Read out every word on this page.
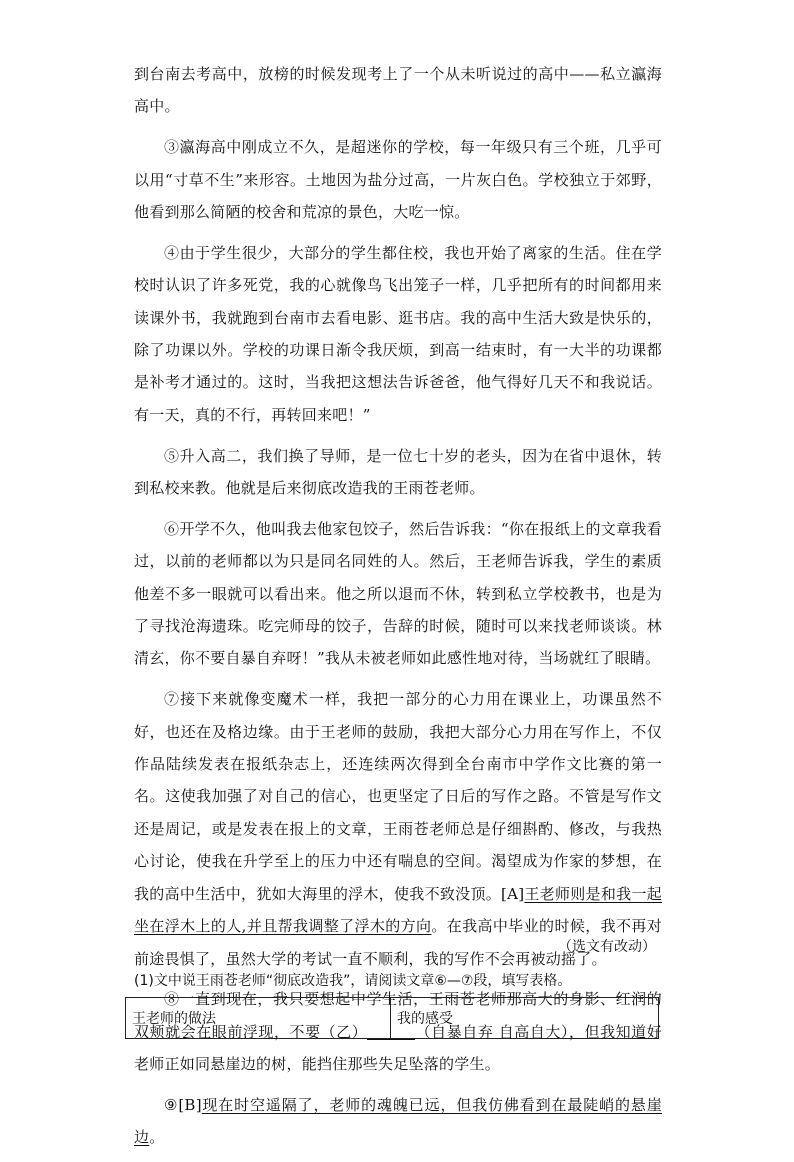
到台南去考高中，放榜的时候发现考上了一个从未听说过的高中——私立瀛海高中。

③瀛海高中刚成立不久，是超迷你的学校，每一年级只有三个班，几乎可以用“寸草不生”来形容。土地因为盐分过高，一片灰白色。学校独立于郊野，他看到那么简陋的校舍和荒凉的景色，大吃一惊。

④由于学生很少，大部分的学生都住校，我也开始了离家的生活。住在学校时认识了许多死党，我的心就像鸟飞出笼子一样，几乎把所有的时间都用来读课外书，我就跑到台南市去看电影、逛书店。我的高中生活大致是快乐的，除了功课以外。学校的功课日渐令我厌烦，到高一结束时，有一大半的功课都是补考才通过的。这时，当我把这想法告诉爸爸，他气得好几天不和我说话。有一天，真的不行，再转回来吧！”

⑤升入高二，我们换了导师，是一位七十岁的老头，因为在省中退休，转到私校来教。他就是后来彻底改造我的王雨苍老师。

⑥开学不久，他叫我去他家包饺子，然后告诉我：“你在报纸上的文章我看过，以前的老师都以为只是同名同姓的人。然后，王老师告诉我，学生的素质他差不多一眼就可以看出来。他之所以退而不休，转到私立学校教书，也是为了寻找沧海遗珠。吃完师母的饺子，告辞的时候，随时可以来找老师谈谈。林清玄，你不要自暴自弃呀！”我从未被老师如此感性地对待，当场就红了眼睛。

⑦接下来就像变魔术一样，我把一部分的心力用在课业上，功课虽然不好，也还在及格边缘。由于王老师的鼓励，我把大部分心力用在写作上，不仅作品陆续发表在报纸杂志上，还连续两次得到全台南市中学作文比赛的第一名。这使我加强了对自己的信心，也更坚定了日后的写作之路。不管是写作文还是周记，或是发表在报上的文章，王雨苍老师总是仔细斟酌、修改，与我热心讨论，使我在升学至上的压力中还有喘息的空间。渴望成为作家的梦想，在我的高中生活中，犹如大海里的浮木，使我不致没顶。[A]王老师则是和我一起坐在浮木上的人,并且帮我调整了浮木的方向。在我高中毕业的时候，我不再对前途畏惧了，虽然大学的考试一直不顺利，我的写作不会再被动摇了。

⑧一直到现在，我只要想起中学生活，王雨苍老师那高大的身影、红润的双颊就会在眼前浮现，不要（乙）	（自暴自弃 自高自大），但我知道好老师正如同悬崖边的树，能挡住那些失足坠落的学生。

⑨[B]现在时空遥隔了，老师的魂魄已远，但我仿佛看到在最陡峭的悬崖边。

（选文有改动）
(1)文中说王雨苍老师“彻底改造我”，请阅读文章⑥—⑦段，填写表格。
王老师的做法	我的感受
